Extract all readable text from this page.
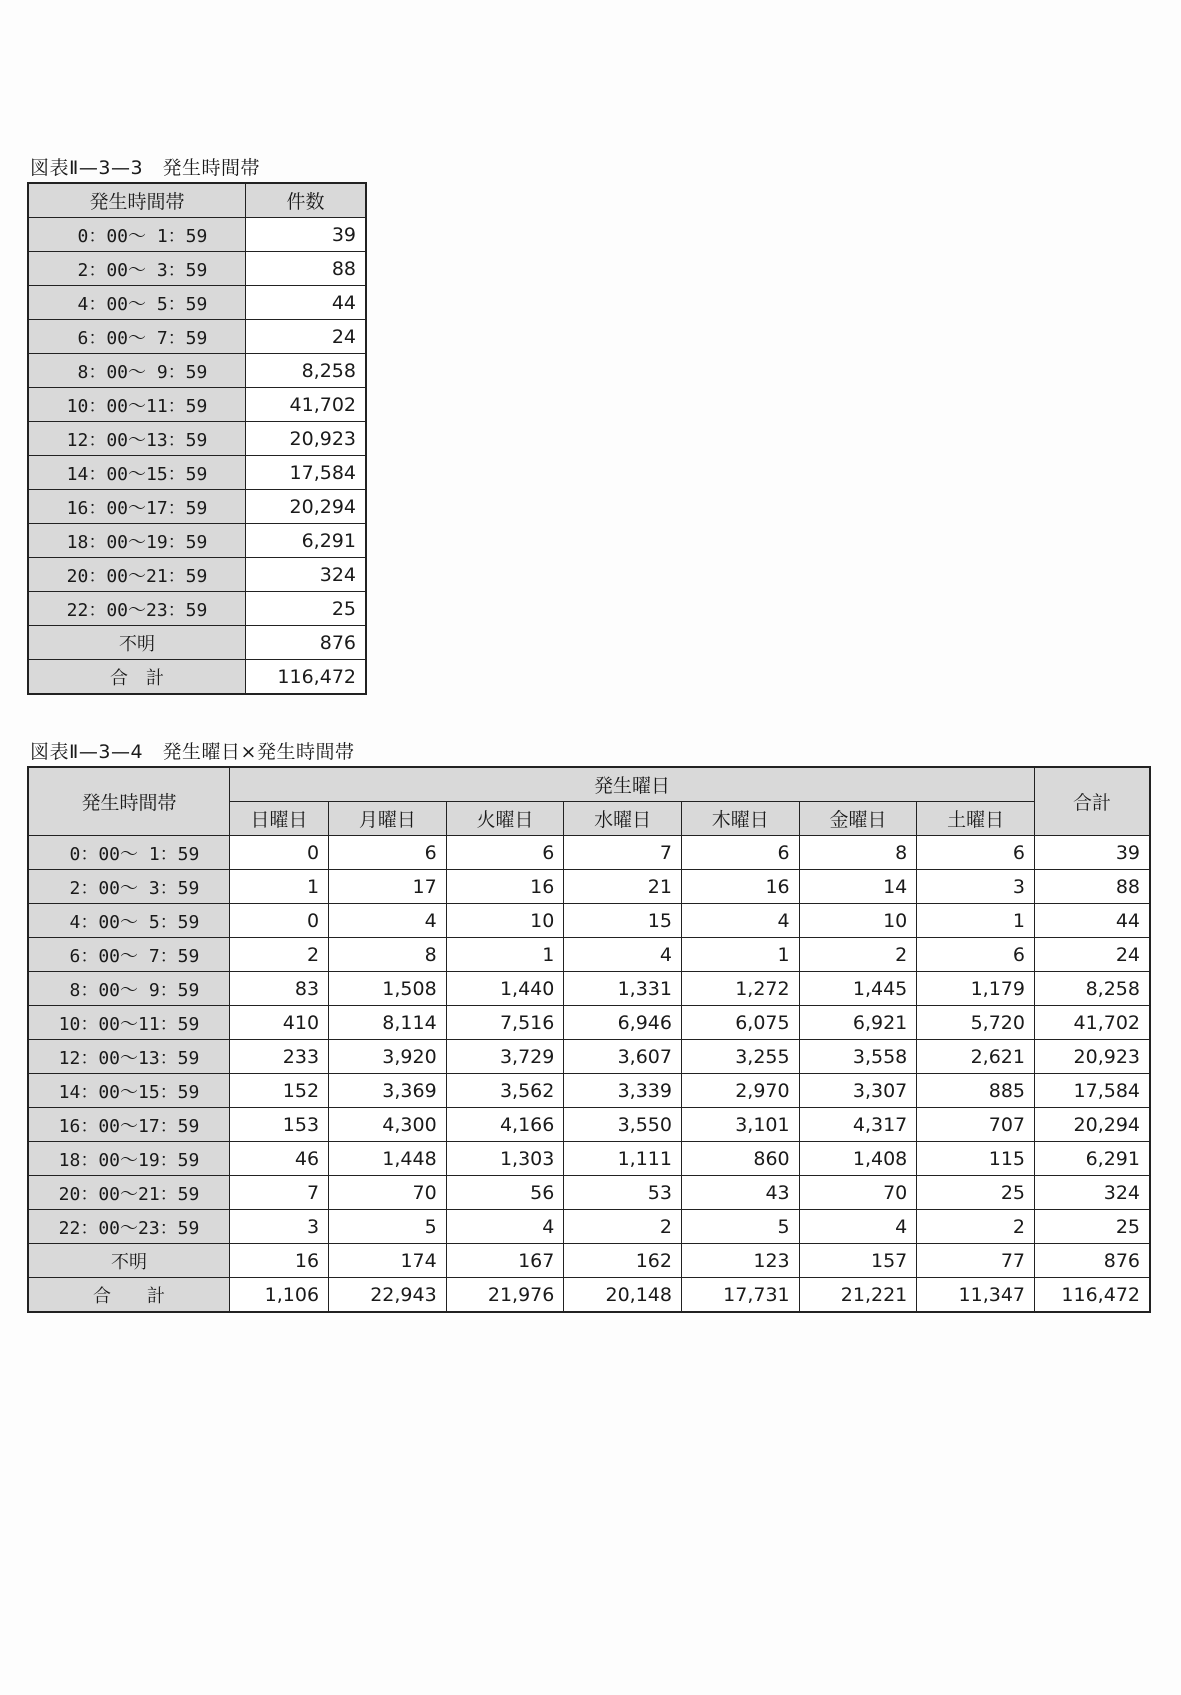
図表Ⅱ—3—3　発生時間帯
発生時間帯	件数
0：00～ 1：59	39
2：00～ 3：59	88
4：00～ 5：59	44
6：00～ 7：59	24
8：00～ 9：59	8,258
10：00～11：59	41,702
12：00～13：59	20,923
14：00～15：59	17,584
16：00～17：59	20,294
18：00～19：59	6,291
20：00～21：59	324
22：00～23：59	25
不明	876
合　計	116,472
図表Ⅱ—3—4　発生曜日×発生時間帯
発生時間帯	発生曜日							合計
	日曜日	月曜日	火曜日	水曜日	木曜日	金曜日	土曜日	
0：00～ 1：59	0	6	6	7	6	8	6	39
2：00～ 3：59	1	17	16	21	16	14	3	88
4：00～ 5：59	0	4	10	15	4	10	1	44
6：00～ 7：59	2	8	1	4	1	2	6	24
8：00～ 9：59	83	1,508	1,440	1,331	1,272	1,445	1,179	8,258
10：00～11：59	410	8,114	7,516	6,946	6,075	6,921	5,720	41,702
12：00～13：59	233	3,920	3,729	3,607	3,255	3,558	2,621	20,923
14：00～15：59	152	3,369	3,562	3,339	2,970	3,307	885	17,584
16：00～17：59	153	4,300	4,166	3,550	3,101	4,317	707	20,294
18：00～19：59	46	1,448	1,303	1,111	860	1,408	115	6,291
20：00～21：59	7	70	56	53	43	70	25	324
22：00～23：59	3	5	4	2	5	4	2	25
不明	16	174	167	162	123	157	77	876
合　　計	1,106	22,943	21,976	20,148	17,731	21,221	11,347	116,472
